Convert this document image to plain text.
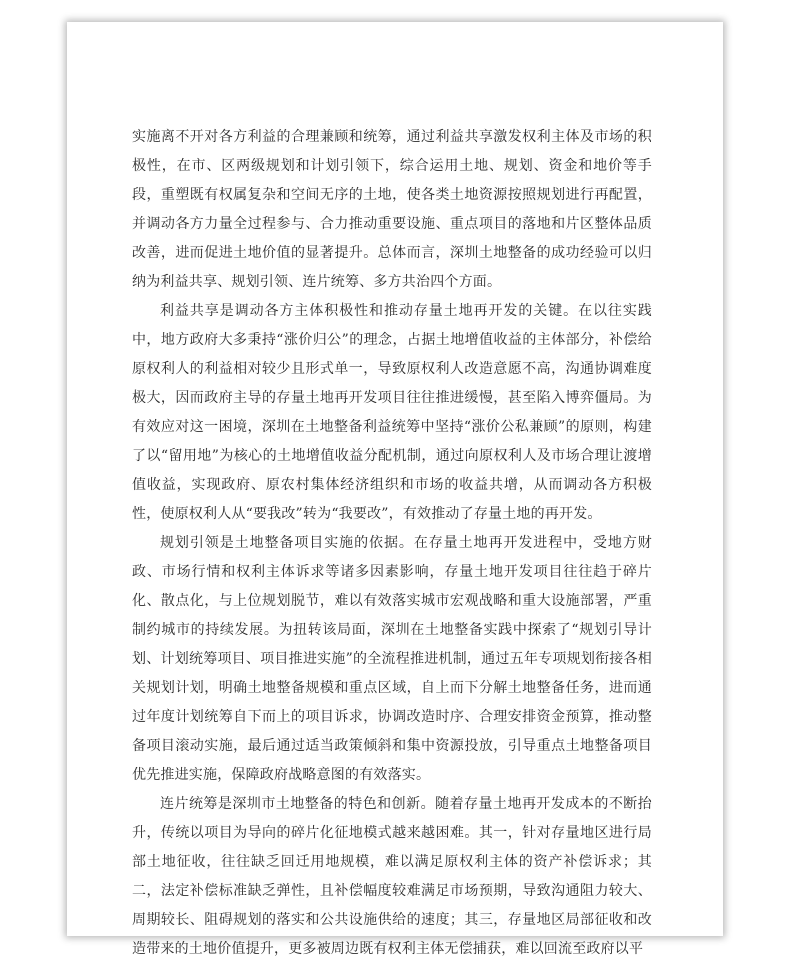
实施离不开对各方利益的合理兼顾和统筹，通过利益共享激发权利主体及市场的积极性，在市、区两级规划和计划引领下，综合运用土地、规划、资金和地价等手段，重塑既有权属复杂和空间无序的土地，使各类土地资源按照规划进行再配置，并调动各方力量全过程参与、合力推动重要设施、重点项目的落地和片区整体品质改善，进而促进土地价值的显著提升。总体而言，深圳土地整备的成功经验可以归纳为利益共享、规划引领、连片统筹、多方共治四个方面。

利益共享是调动各方主体积极性和推动存量土地再开发的关键。在以往实践中，地方政府大多秉持“涨价归公”的理念，占据土地增值收益的主体部分，补偿给原权利人的利益相对较少且形式单一，导致原权利人改造意愿不高，沟通协调难度极大，因而政府主导的存量土地再开发项目往往推进缓慢，甚至陷入博弈僵局。为有效应对这一困境，深圳在土地整备利益统筹中坚持“涨价公私兼顾”的原则，构建了以“留用地”为核心的土地增值收益分配机制，通过向原权利人及市场合理让渡增值收益，实现政府、原农村集体经济组织和市场的收益共增，从而调动各方积极性，使原权利人从“要我改”转为“我要改”，有效推动了存量土地的再开发。

规划引领是土地整备项目实施的依据。在存量土地再开发进程中，受地方财政、市场行情和权利主体诉求等诸多因素影响，存量土地开发项目往往趋于碎片化、散点化，与上位规划脱节，难以有效落实城市宏观战略和重大设施部署，严重制约城市的持续发展。为扭转该局面，深圳在土地整备实践中探索了“规划引导计划、计划统筹项目、项目推进实施”的全流程推进机制，通过五年专项规划衔接各相关规划计划，明确土地整备规模和重点区域，自上而下分解土地整备任务，进而通过年度计划统筹自下而上的项目诉求，协调改造时序、合理安排资金预算，推动整备项目滚动实施，最后通过适当政策倾斜和集中资源投放，引导重点土地整备项目优先推进实施，保障政府战略意图的有效落实。

连片统筹是深圳市土地整备的特色和创新。随着存量土地再开发成本的不断抬升，传统以项目为导向的碎片化征地模式越来越困难。其一，针对存量地区进行局部土地征收，往往缺乏回迁用地规模，难以满足原权利主体的资产补偿诉求；其二，法定补偿标准缺乏弹性，且补偿幅度较难满足市场预期，导致沟通阻力较大、周期较长、阻碍规划的落实和公共设施供给的速度；其三，存量地区局部征收和改造带来的土地价值提升，更多被周边既有权利主体无偿捕获，难以回流至政府以平
